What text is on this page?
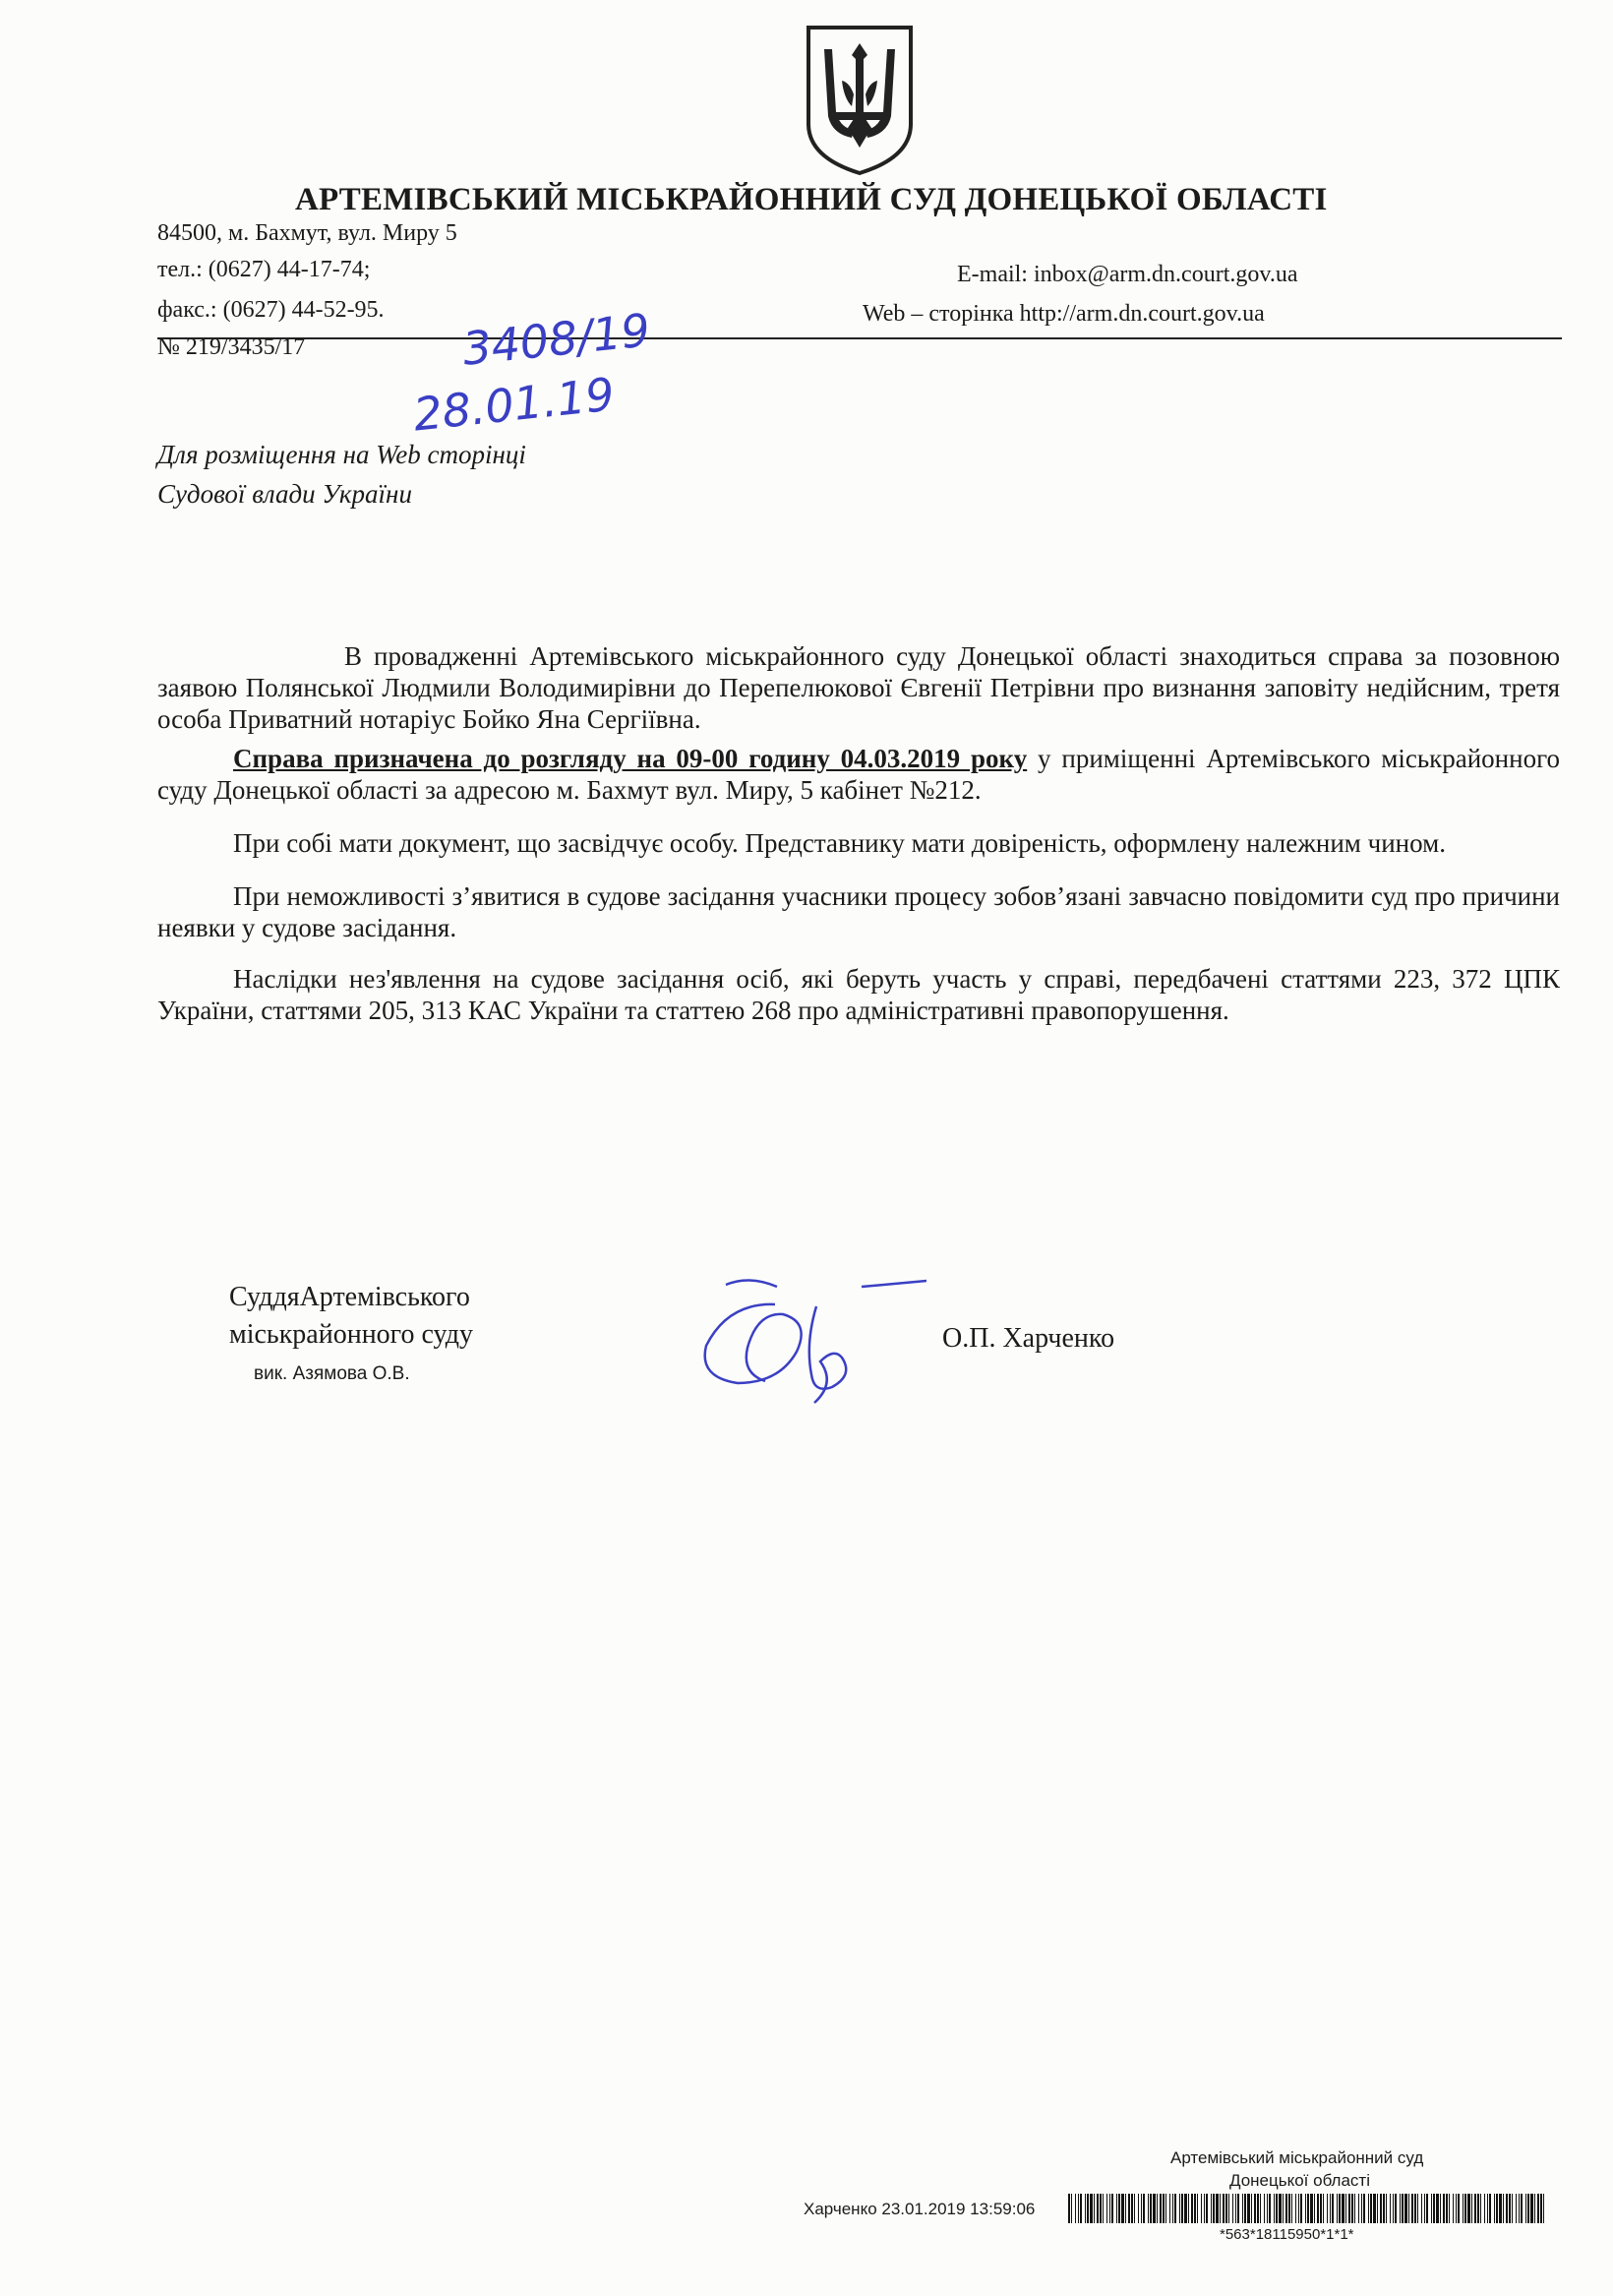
АРТЕМІВСЬКИЙ МІСЬКРАЙОННИЙ СУД ДОНЕЦЬКОЇ ОБЛАСТІ
84500, м. Бахмут, вул. Миру 5
тел.: (0627) 44-17-74;
факс.: (0627) 44-52-95.
E-mail: inbox@arm.dn.court.gov.ua
Web – сторінка http://arm.dn.court.gov.ua
№ 219/3435/17	3408/19
28.01.19
Для розміщення на Web сторінці
Судової влади України

В провадженні Артемівського міськрайонного суду Донецької області знаходиться справа за позовною заявою Полянської Людмили Володимирівни до Перепелюкової Євгенії Петрівни про визнання заповіту недійсним, третя особа Приватний нотаріус Бойко Яна Сергіївна.

Справа призначена до розгляду на 09-00 годину 04.03.2019 року у приміщенні Артемівського міськрайонного суду Донецької області за адресою м. Бахмут вул. Миру, 5 кабінет №212.

При собі мати документ, що засвідчує особу. Представнику мати довіреність, оформлену належним чином.

При неможливості з’явитися в судове засідання учасники процесу зобов’язані завчасно повідомити суд про причини неявки у судове засідання.

Наслідки нез'явлення на судове засідання осіб, які беруть участь у справі, передбачені статтями 223, 372 ЦПК України, статтями 205, 313 КАС України та статтею 268 про адміністративні правопорушення.

СуддяАртемівського
міськрайонного суду
вик. Азямова О.В.
О.П. Харченко
Артемівський міськрайонний суд
Донецької області
Харченко 23.01.2019 13:59:06
*563*18115950*1*1*
